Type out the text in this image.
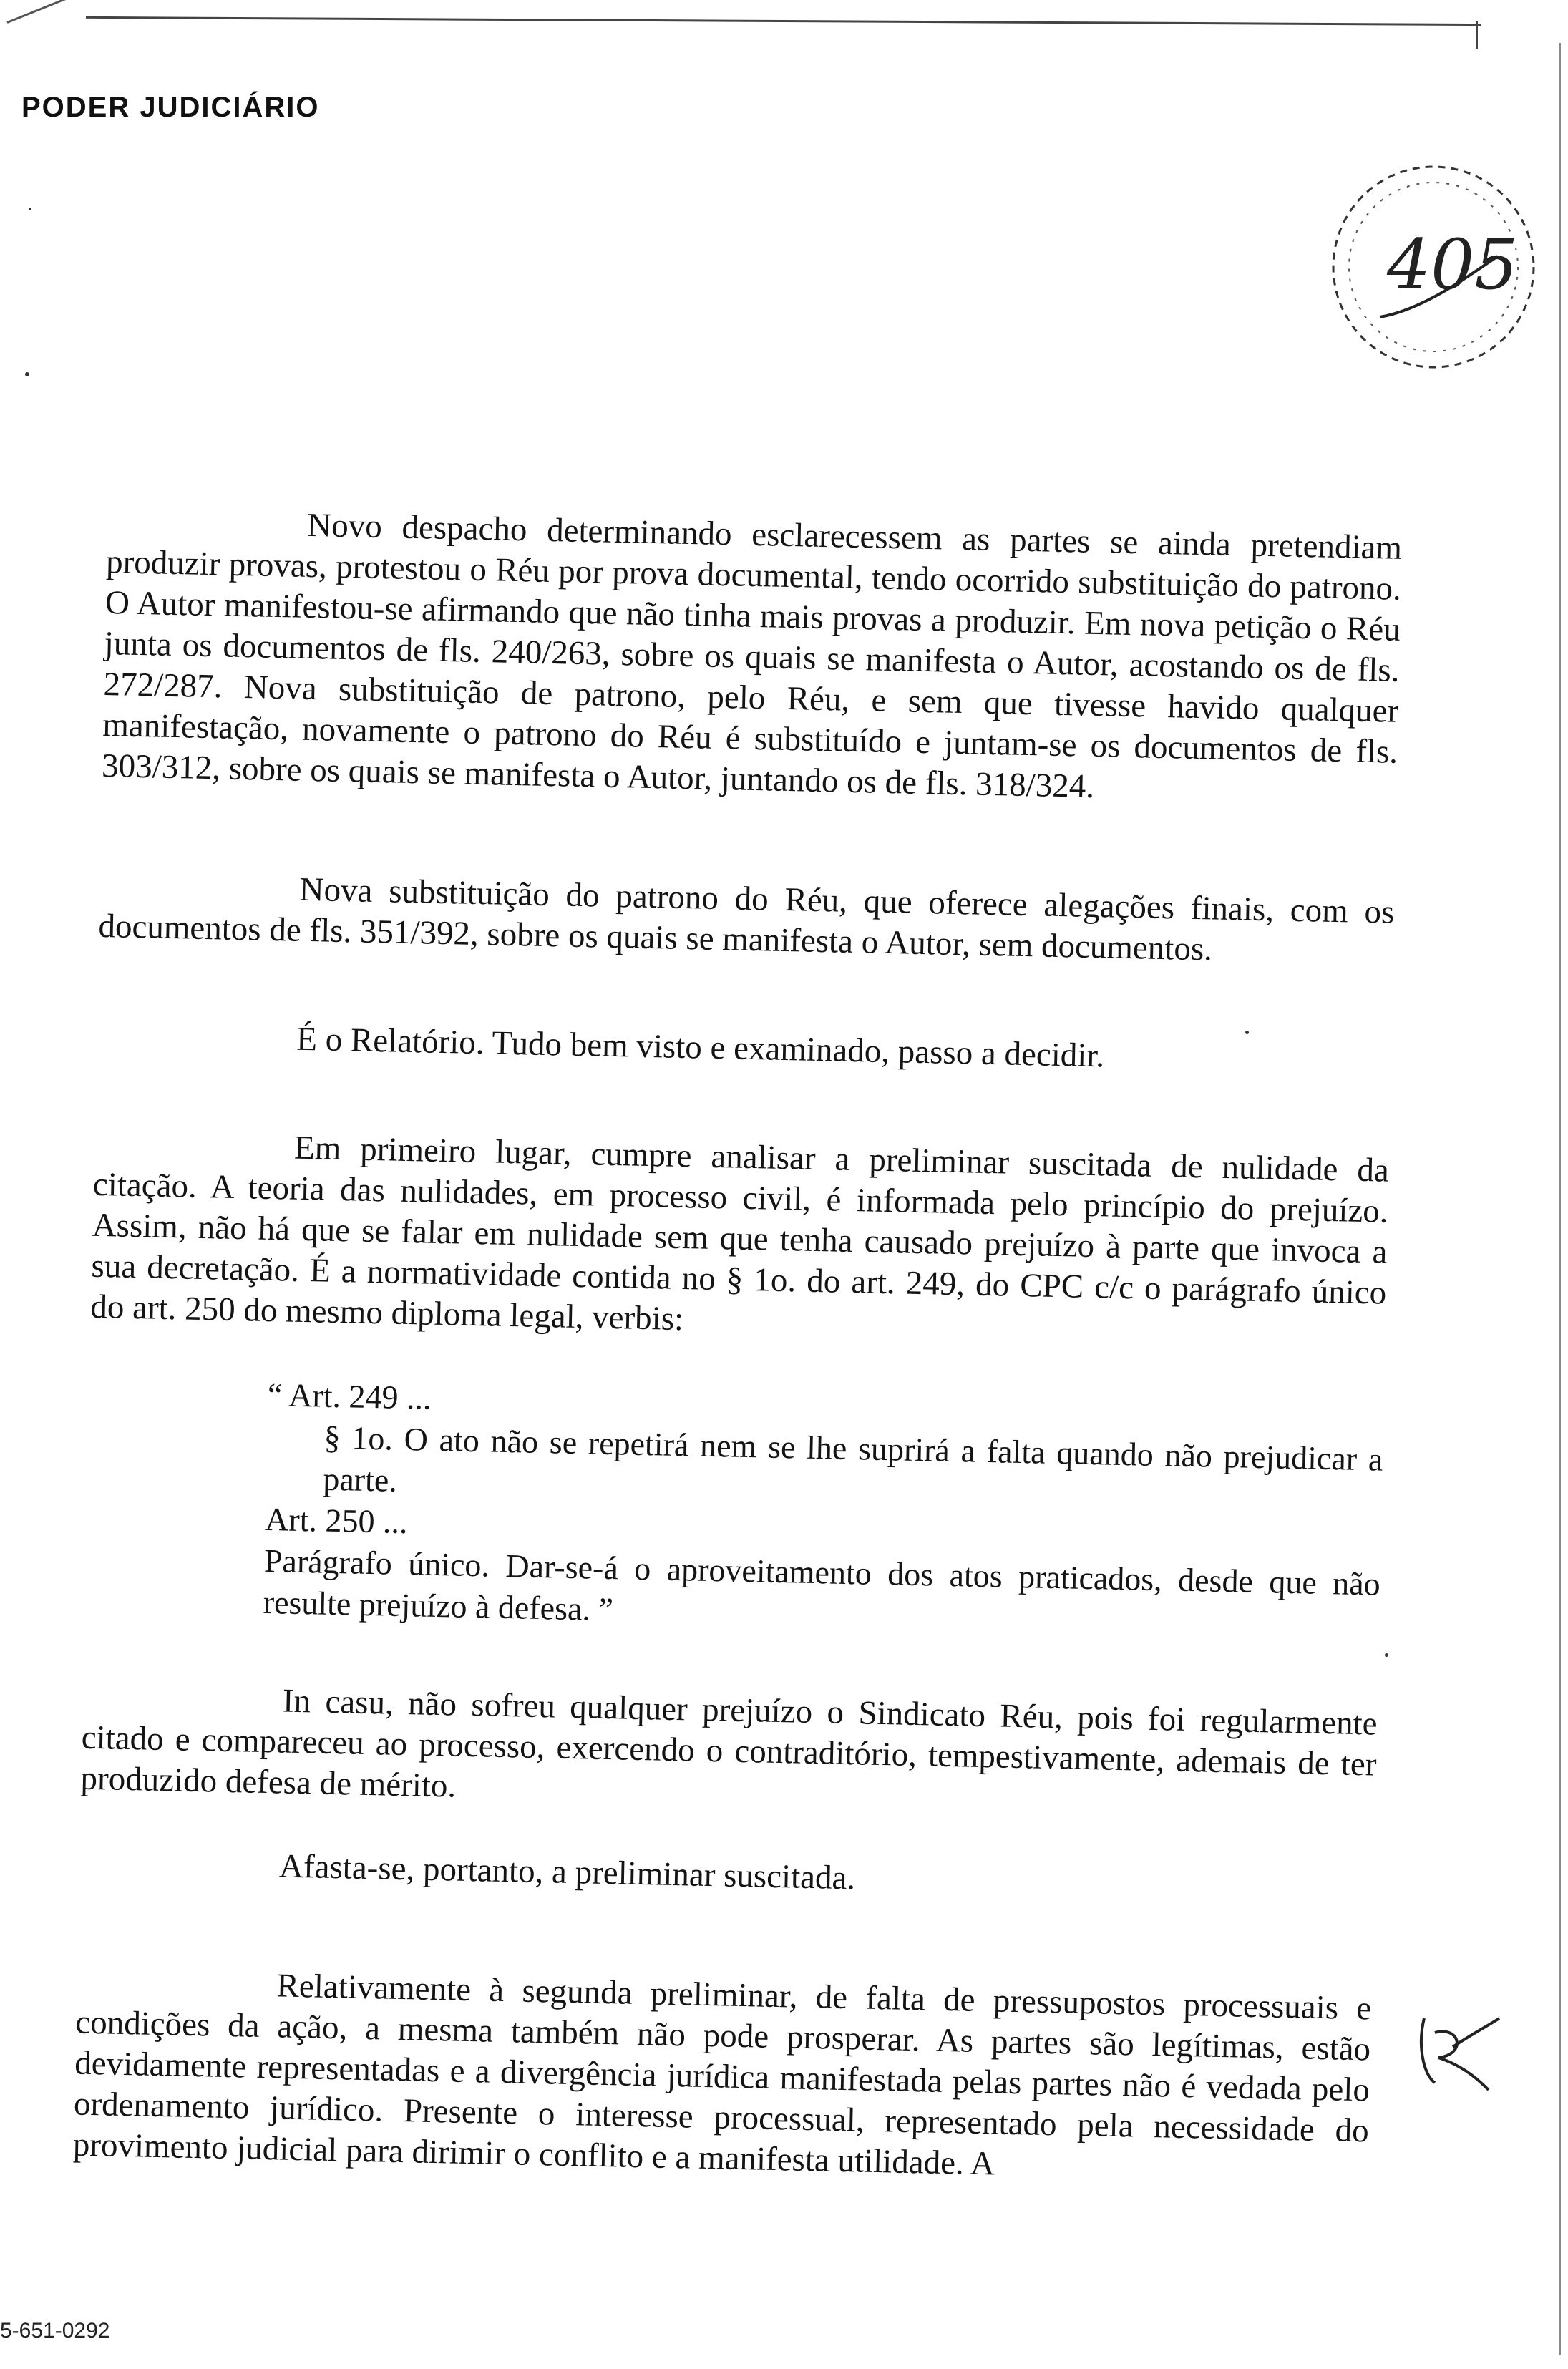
PODER JUDICIÁRIO
405

Novo despacho determinando esclarecessem as partes se ainda pretendiam produzir provas, protestou o Réu por prova documental, tendo ocorrido substituição do patrono. O Autor manifestou-se afirmando que não tinha mais provas a produzir. Em nova petição o Réu junta os documentos de fls. 240/263, sobre os quais se manifesta o Autor, acostando os de fls. 272/287. Nova substituição de patrono, pelo Réu, e sem que tivesse havido qualquer manifestação, novamente o patrono do Réu é substituído e juntam-se os documentos de fls. 303/312, sobre os quais se manifesta o Autor, juntando os de fls. 318/324.

Nova substituição do patrono do Réu, que oferece alegações finais, com os documentos de fls. 351/392, sobre os quais se manifesta o Autor, sem documentos.

É o Relatório. Tudo bem visto e examinado, passo a decidir.

Em primeiro lugar, cumpre analisar a preliminar suscitada de nulidade da citação. A teoria das nulidades, em processo civil, é informada pelo princípio do prejuízo. Assim, não há que se falar em nulidade sem que tenha causado prejuízo à parte que invoca a sua decretação. É a normatividade contida no § 1o. do art. 249, do CPC c/c o parágrafo único do art. 250 do mesmo diploma legal, verbis:

“ Art. 249 ...

§ 1o. O ato não se repetirá nem se lhe suprirá a falta quando não prejudicar a parte.

Art. 250 ...

Parágrafo único. Dar-se-á o aproveitamento dos atos praticados, desde que não resulte prejuízo à defesa. ”

In casu, não sofreu qualquer prejuízo o Sindicato Réu, pois foi regularmente citado e compareceu ao processo, exercendo o contraditório, tempestivamente, ademais de ter produzido defesa de mérito.

Afasta-se, portanto, a preliminar suscitada.

Relativamente à segunda preliminar, de falta de pressupostos processuais e condições da ação, a mesma também não pode prosperar. As partes são legítimas, estão devidamente representadas e a divergência jurídica manifestada pelas partes não é vedada pelo ordenamento jurídico. Presente o interesse processual, representado pela necessidade do provimento judicial para dirimir o conflito e a manifesta utilidade. A

5-651-0292
